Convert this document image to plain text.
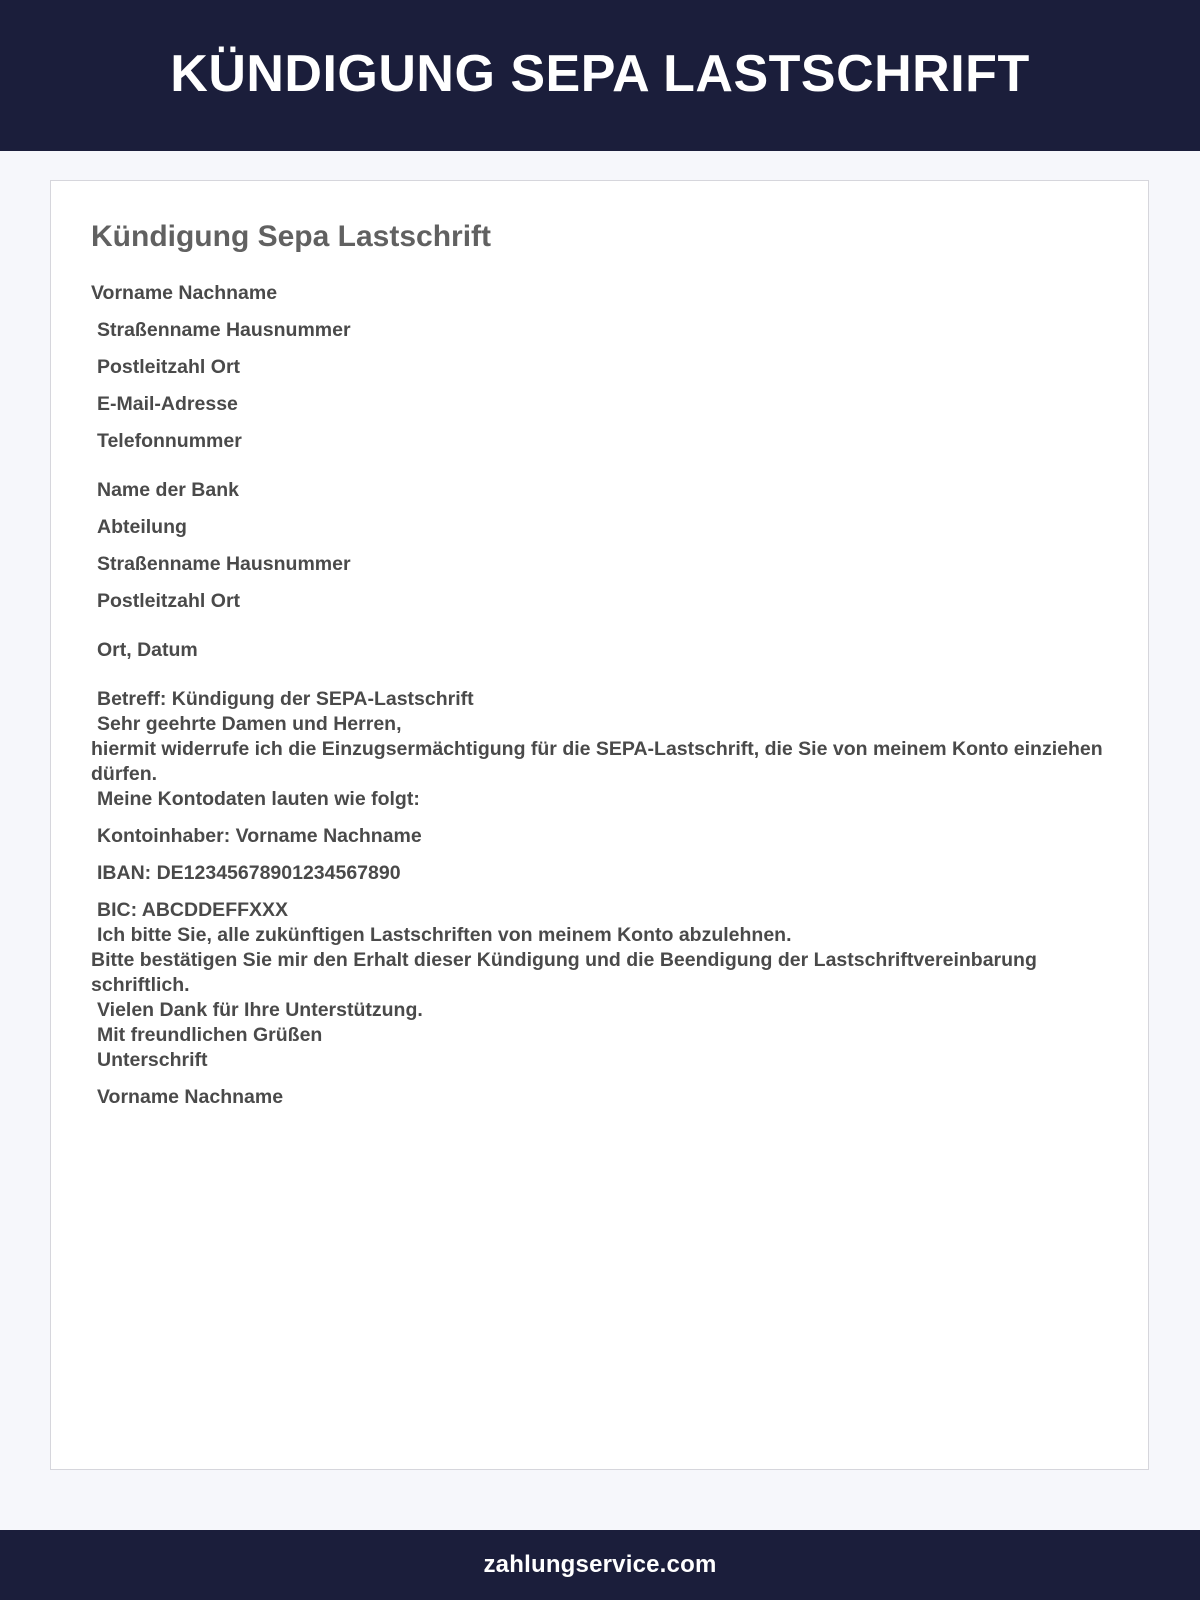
KÜNDIGUNG SEPA LASTSCHRIFT
Kündigung Sepa Lastschrift
Vorname Nachname
Straßenname Hausnummer
Postleitzahl Ort
E-Mail-Adresse
Telefonnummer
Name der Bank
Abteilung
Straßenname Hausnummer
Postleitzahl Ort
Ort, Datum
Betreff: Kündigung der SEPA-Lastschrift
Sehr geehrte Damen und Herren,
hiermit widerrufe ich die Einzugsermächtigung für die SEPA-Lastschrift, die Sie von meinem Konto einziehen dürfen.
Meine Kontodaten lauten wie folgt:
Kontoinhaber: Vorname Nachname
IBAN: DE12345678901234567890
BIC: ABCDDEFFXXX
Ich bitte Sie, alle zukünftigen Lastschriften von meinem Konto abzulehnen.
Bitte bestätigen Sie mir den Erhalt dieser Kündigung und die Beendigung der Lastschriftvereinbarung schriftlich.
Vielen Dank für Ihre Unterstützung.
Mit freundlichen Grüßen
Unterschrift
Vorname Nachname
zahlungservice.com
